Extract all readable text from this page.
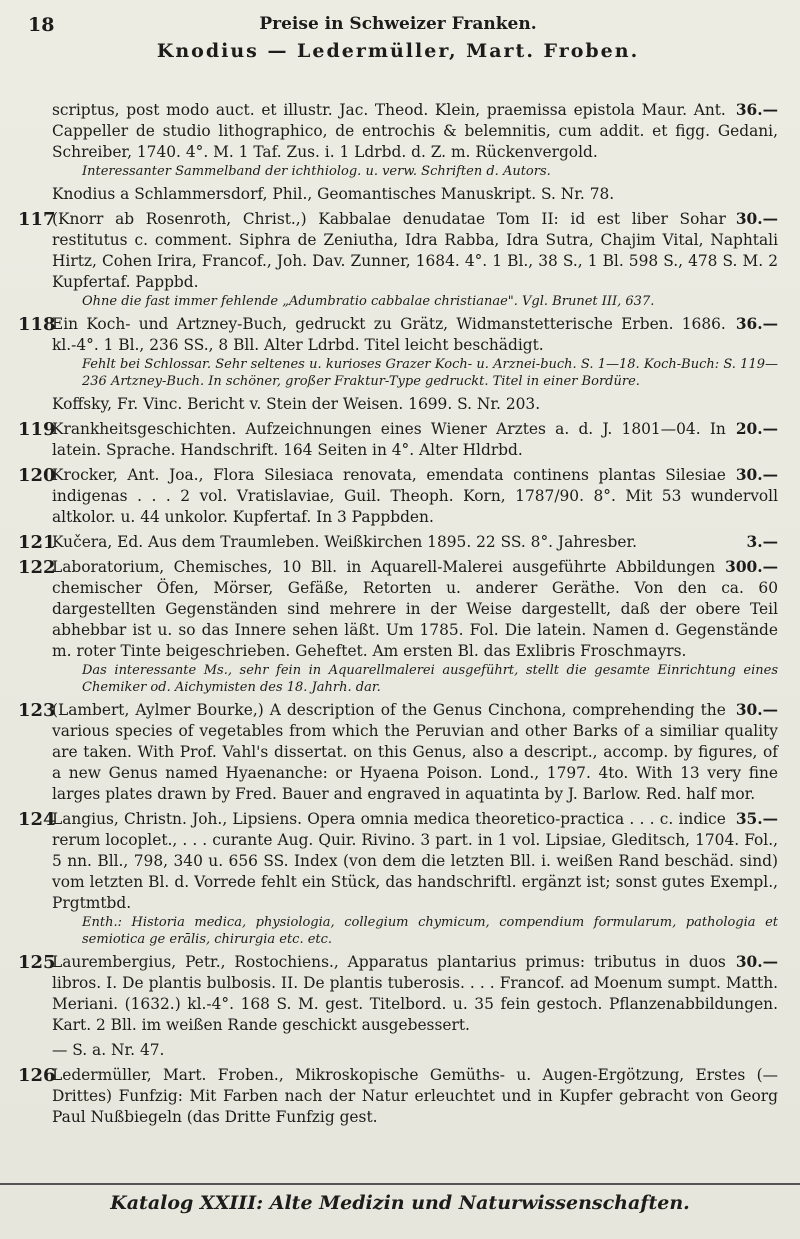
18	Preise in Schweizer Franken.
Knodius — Ledermüller, Mart. Froben.
36.—
scriptus, post modo auct. et illustr. Jac. Theod. Klein, praemissa epistola Maur. Ant. Cappeller de studio lithographico, de entrochis & belemnitis, cum addit. et figg. Gedani, Schreiber, 1740. 4°. M. 1 Taf. Zus. i. 1 Ldrbd. d. Z. m. Rückenvergold.
Interessanter Sammelband der ichthiolog. u. verw. Schriften d. Autors.
Knodius a Schlammersdorf, Phil., Geomantisches Manuskript. S. Nr. 78.
117	30.—
(Knorr ab Rosenroth, Christ.,) Kabbalae denudatae Tom II: id est liber Sohar restitutus c. comment. Siphra de Zeniutha, Idra Rabba, Idra Sutra, Chajim Vital, Naphtali Hirtz, Cohen Irira, Francof., Joh. Dav. Zunner, 1684. 4°. 1 Bl., 38 S., 1 Bl. 598 S., 478 S. M. 2 Kupfertaf. Pappbd.
Ohne die fast immer fehlende „Adumbratio cabbalae christianae". Vgl. Brunet III, 637.
118	36.—
Ein Koch- und Artzney-Buch, gedruckt zu Grätz, Widmanstetterische Erben. 1686. kl.-4°. 1 Bl., 236 SS., 8 Bll. Alter Ldrbd. Titel leicht beschädigt.
Fehlt bei Schlossar. Sehr seltenes u. kurioses Grazer Koch- u. Arznei-buch. S. 1—18. Koch-Buch: S. 119—236 Artzney-Buch. In schöner, großer Fraktur-Type gedruckt. Titel in einer Bordüre.
Koffsky, Fr. Vinc. Bericht v. Stein der Weisen. 1699. S. Nr. 203.
119	20.—
Krankheitsgeschichten. Aufzeichnungen eines Wiener Arztes a. d. J. 1801—04. In latein. Sprache. Handschrift. 164 Seiten in 4°. Alter Hldrbd.
120	30.—
Krocker, Ant. Joa., Flora Silesiaca renovata, emendata continens plantas Silesiae indigenas . . . 2 vol. Vratislaviae, Guil. Theoph. Korn, 1787/90. 8°. Mit 53 wundervoll altkolor. u. 44 unkolor. Kupfertaf. In 3 Pappbden.
121	3.—
Kučera, Ed. Aus dem Traumleben. Weißkirchen 1895. 22 SS. 8°. Jahresber.
122	300.—
Laboratorium, Chemisches, 10 Bll. in Aquarell-Malerei ausgeführte Abbildungen chemischer Öfen, Mörser, Gefäße, Retorten u. anderer Geräthe. Von den ca. 60 dargestellten Gegenständen sind mehrere in der Weise dargestellt, daß der obere Teil abhebbar ist u. so das Innere sehen läßt. Um 1785. Fol. Die latein. Namen d. Gegenstände m. roter Tinte beigeschrieben. Geheftet. Am ersten Bl. das Exlibris Froschmayrs.
Das interessante Ms., sehr fein in Aquarellmalerei ausgeführt, stellt die gesamte Einrichtung eines Chemiker od. Aichymisten des 18. Jahrh. dar.
123	30.—
(Lambert, Aylmer Bourke,) A description of the Genus Cinchona, comprehending the various species of vegetables from which the Peruvian and other Barks of a similiar quality are taken. With Prof. Vahl's dissertat. on this Genus, also a descript., accomp. by figures, of a new Genus named Hyaenanche: or Hyaena Poison. Lond., 1797. 4to. With 13 very fine larges plates drawn by Fred. Bauer and engraved in aquatinta by J. Barlow. Red. half mor.
124	35.—
Langius, Christn. Joh., Lipsiens. Opera omnia medica theoretico-practica . . . c. indice rerum locoplet., . . . curante Aug. Quir. Rivino. 3 part. in 1 vol. Lipsiae, Gleditsch, 1704. Fol., 5 nn. Bll., 798, 340 u. 656 SS. Index (von dem die letzten Bll. i. weißen Rand beschäd. sind) vom letzten Bl. d. Vorrede fehlt ein Stück, das handschriftl. ergänzt ist; sonst gutes Exempl., Prgtmtbd.
Enth.: Historia medica, physiologia, collegium chymicum, compendium formularum, pathologia et semiotica ge erālis, chirurgia etc. etc.
125	30.—
Laurembergius, Petr., Rostochiens., Apparatus plantarius primus: tributus in duos libros. I. De plantis bulbosis. II. De plantis tuberosis. . . . Francof. ad Moenum sumpt. Matth. Meriani. (1632.) kl.-4°. 168 S. M. gest. Titelbord. u. 35 fein gestoch. Pflanzenabbildungen. Kart. 2 Bll. im weißen Rande geschickt ausgebessert.
— S. a. Nr. 47.
126
Ledermüller, Mart. Froben., Mikroskopische Gemüths- u. Augen-Ergötzung, Erstes (— Drittes) Funfzig: Mit Farben nach der Natur erleuchtet und in Kupfer gebracht von Georg Paul Nußbiegeln (das Dritte Funfzig gest.
Katalog XXIII: Alte Medizin und Naturwissenschaften.
